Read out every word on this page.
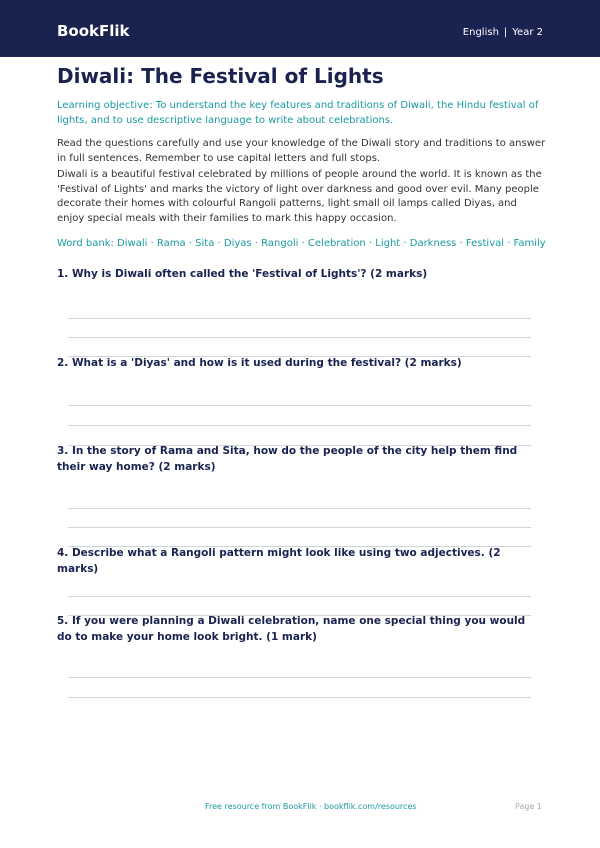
BookFlik	English | Year 2
Diwali: The Festival of Lights

Learning objective: To understand the key features and traditions of Diwali, the Hindu festival of lights, and to use descriptive language to write about celebrations.

Read the questions carefully and use your knowledge of the Diwali story and traditions to answer in full sentences. Remember to use capital letters and full stops.

Diwali is a beautiful festival celebrated by millions of people around the world. It is known as the 'Festival of Lights' and marks the victory of light over darkness and good over evil. Many people decorate their homes with colourful Rangoli patterns, light small oil lamps called Diyas, and enjoy special meals with their families to mark this happy occasion.

Word bank: Diwali · Rama · Sita · Diyas · Rangoli · Celebration · Light · Darkness · Festival · Family

1. Why is Diwali often called the 'Festival of Lights'? (2 marks)

2. What is a 'Diyas' and how is it used during the festival? (2 marks)

3. In the story of Rama and Sita, how do the people of the city help them find their way home? (2 marks)

4. Describe what a Rangoli pattern might look like using two adjectives. (2 marks)

5. If you were planning a Diwali celebration, name one special thing you would do to make your home look bright. (1 mark)

Free resource from BookFlik · bookflik.com/resources	Page 1
